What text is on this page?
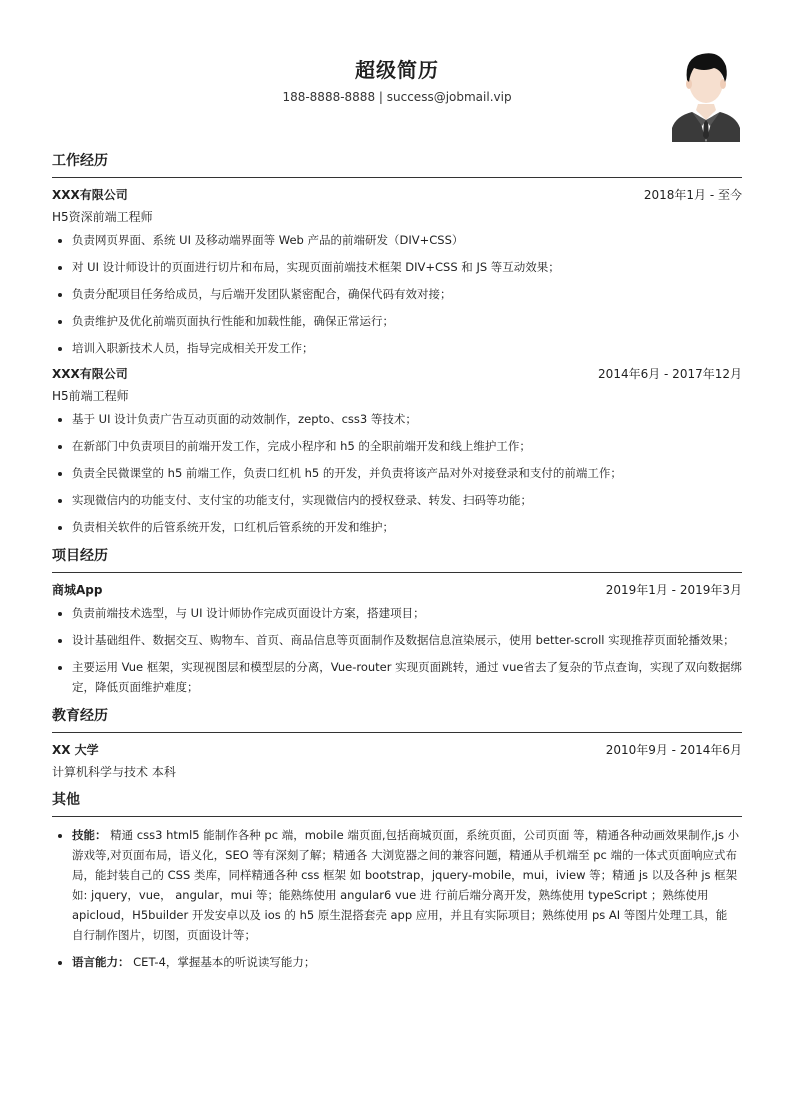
超级简历
188-8888-8888 | success@jobmail.vip
工作经历
XXX有限公司	2018年1月 - 至今
H5资深前端工程师
• 负责网页界面、系统 UI 及移动端界面等 Web 产品的前端研发（DIV+CSS）
• 对 UI 设计师设计的页面进行切片和布局，实现页面前端技术框架 DIV+CSS 和 JS 等互动效果；
• 负责分配项目任务给成员，与后端开发团队紧密配合，确保代码有效对接；
• 负责维护及优化前端页面执行性能和加载性能，确保正常运行；
• 培训入职新技术人员，指导完成相关开发工作；
XXX有限公司	2014年6月 - 2017年12月
H5前端工程师
• 基于 UI 设计负责广告互动页面的动效制作，zepto、css3 等技术；
• 在新部门中负责项目的前端开发工作，完成小程序和 h5 的全职前端开发和线上维护工作；
• 负责全民微课堂的 h5 前端工作，负责口红机 h5 的开发，并负责将该产品对外对接登录和支付的前端工作；
• 实现微信内的功能支付、支付宝的功能支付，实现微信内的授权登录、转发、扫码等功能；
• 负责相关软件的后管系统开发，口红机后管系统的开发和维护；
项目经历
商城App	2019年1月 - 2019年3月
• 负责前端技术选型，与 UI 设计师协作完成页面设计方案，搭建项目；
• 设计基础组件、数据交互、购物车、首页、商品信息等页面制作及数据信息渲染展示，使用 better-scroll 实现推荐页面轮播效果；
• 主要运用 Vue 框架，实现视图层和模型层的分离，Vue-router 实现页面跳转，通过 vue省去了复杂的节点查询，实现了双向数据绑定，降低页面维护难度；
教育经历
XX 大学	2010年9月 - 2014年6月
计算机科学与技术 本科
其他
• 技能： 精通 css3 html5 能制作各种 pc 端，mobile 端页面,包括商城页面，系统页面，公司页面 等，精通各种动画效果制作,js 小游戏等,对页面布局，语义化，SEO 等有深刻了解；精通各 大浏览器之间的兼容问题，精通从手机端至 pc 端的一体式页面响应式布局，能封装自己的 CSS 类库，同样精通各种 css 框架 如 bootstrap，jquery-mobile，mui，iview 等；精通 js 以及各种 js 框架 如: jquery，vue， angular，mui 等；能熟练使用 angular6 vue 进 行前后端分离开发，熟练使用 typeScript ；熟练使用 apicloud，H5builder 开发安卓以及 ios 的 h5 原生混搭套壳 app 应用，并且有实际项目；熟练使用 ps AI 等图片处理工具，能 自行制作图片，切图，页面设计等；
• 语言能力： CET-4，掌握基本的听说读写能力；
